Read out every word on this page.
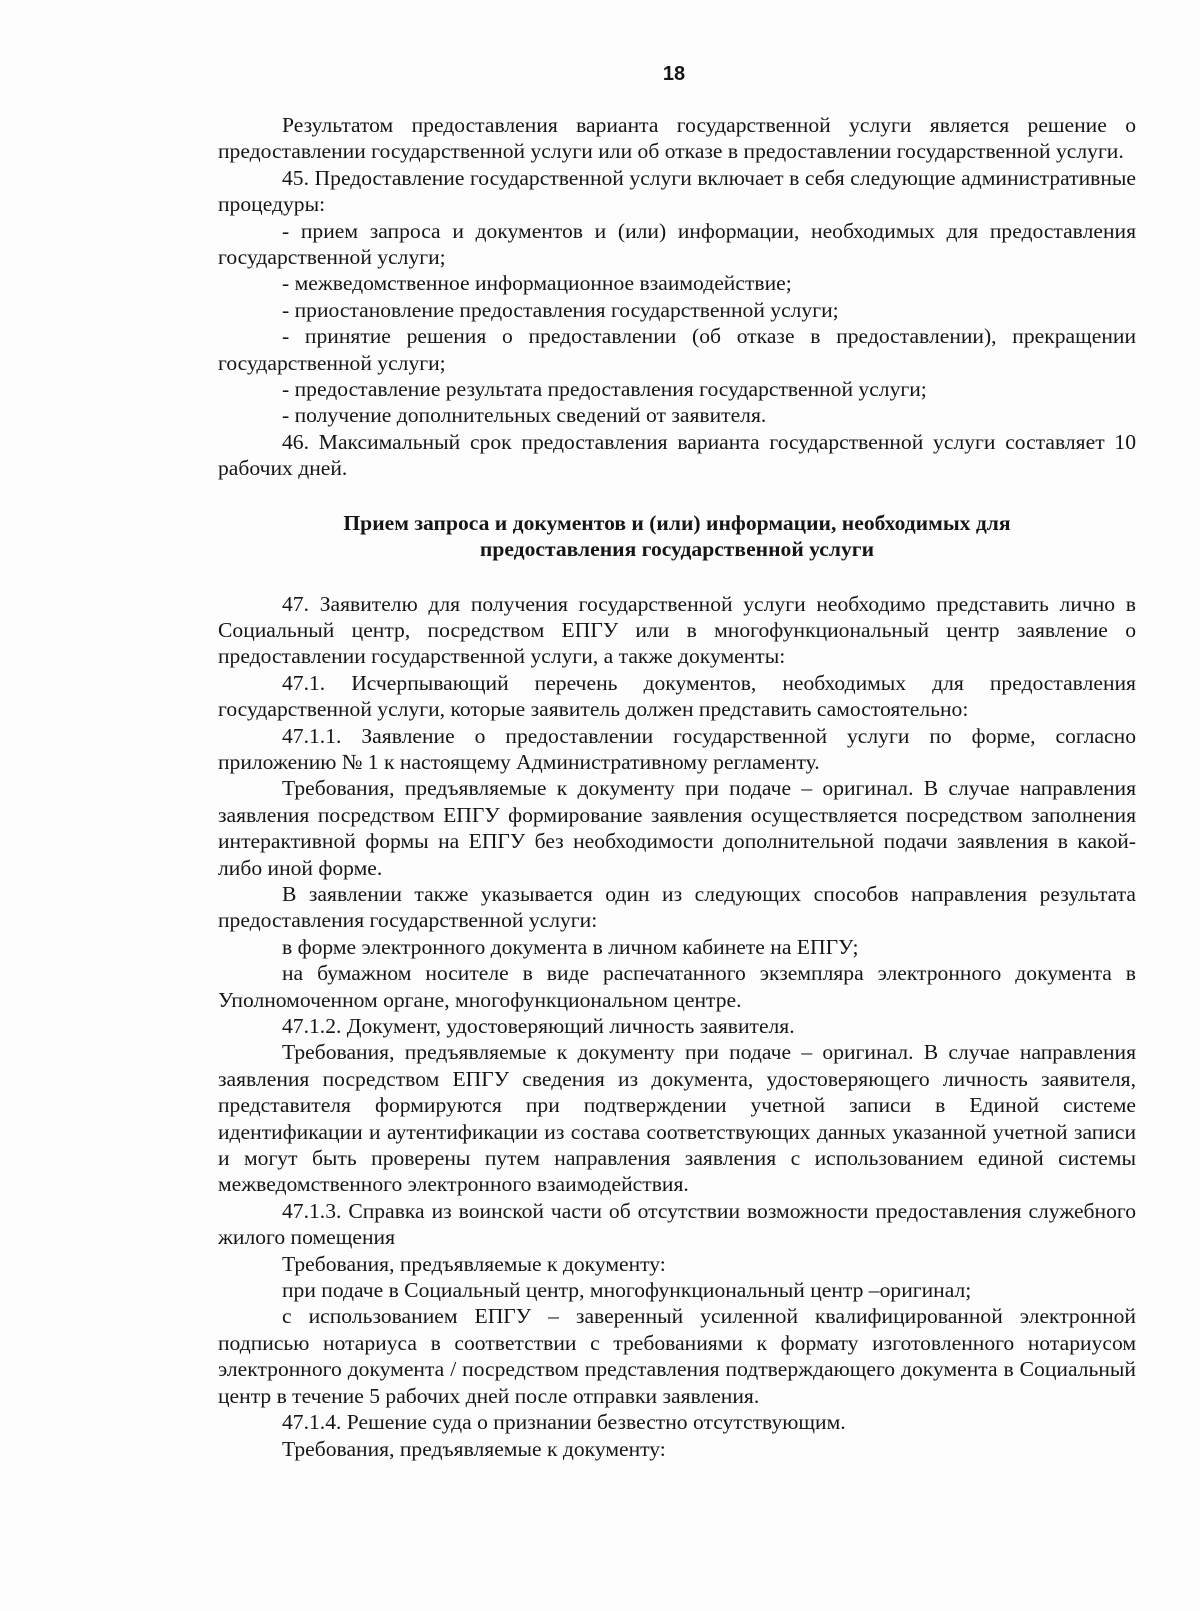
18

Результатом предоставления варианта государственной услуги является решение о предоставлении государственной услуги или об отказе в предоставлении государственной услуги.

45. Предоставление государственной услуги включает в себя следующие административные процедуры:

- прием запроса и документов и (или) информации, необходимых для предоставления государственной услуги;

- межведомственное информационное взаимодействие;

- приостановление предоставления государственной услуги;

- принятие решения о предоставлении (об отказе в предоставлении), прекращении государственной услуги;

- предоставление результата предоставления государственной услуги;

- получение дополнительных сведений от заявителя.

46. Максимальный срок предоставления варианта государственной услуги составляет 10 рабочих дней.

Прием запроса и документов и (или) информации, необходимых для
предоставления государственной услуги

47. Заявителю для получения государственной услуги необходимо представить лично в Социальный центр, посредством ЕПГУ или в многофункциональный центр заявление о предоставлении государственной услуги, а также документы:

47.1. Исчерпывающий перечень документов, необходимых для предоставления государственной услуги, которые заявитель должен представить самостоятельно:

47.1.1. Заявление о предоставлении государственной услуги по форме, согласно приложению № 1 к настоящему Административному регламенту.

Требования, предъявляемые к документу при подаче – оригинал. В случае направления заявления посредством ЕПГУ формирование заявления осуществляется посредством заполнения интерактивной формы на ЕПГУ без необходимости дополнительной подачи заявления в какой-либо иной форме.

В заявлении также указывается один из следующих способов направления результата предоставления государственной услуги:

в форме электронного документа в личном кабинете на ЕПГУ;

на бумажном носителе в виде распечатанного экземпляра электронного документа в Уполномоченном органе, многофункциональном центре.

47.1.2. Документ, удостоверяющий личность заявителя.

Требования, предъявляемые к документу при подаче – оригинал. В случае направления заявления посредством ЕПГУ сведения из документа, удостоверяющего личность заявителя, представителя формируются при подтверждении учетной записи в Единой системе идентификации и аутентификации из состава соответствующих данных указанной учетной записи и могут быть проверены путем направления заявления с использованием единой системы межведомственного электронного взаимодействия.

47.1.3. Справка из воинской части об отсутствии возможности предоставления служебного жилого помещения

Требования, предъявляемые к документу:

при подаче в Социальный центр, многофункциональный центр –оригинал;

с использованием ЕПГУ – заверенный усиленной квалифицированной электронной подписью нотариуса в соответствии с требованиями к формату изготовленного нотариусом электронного документа / посредством представления подтверждающего документа в Социальный центр в течение 5 рабочих дней после отправки заявления.

47.1.4. Решение суда о признании безвестно отсутствующим.

Требования, предъявляемые к документу:
